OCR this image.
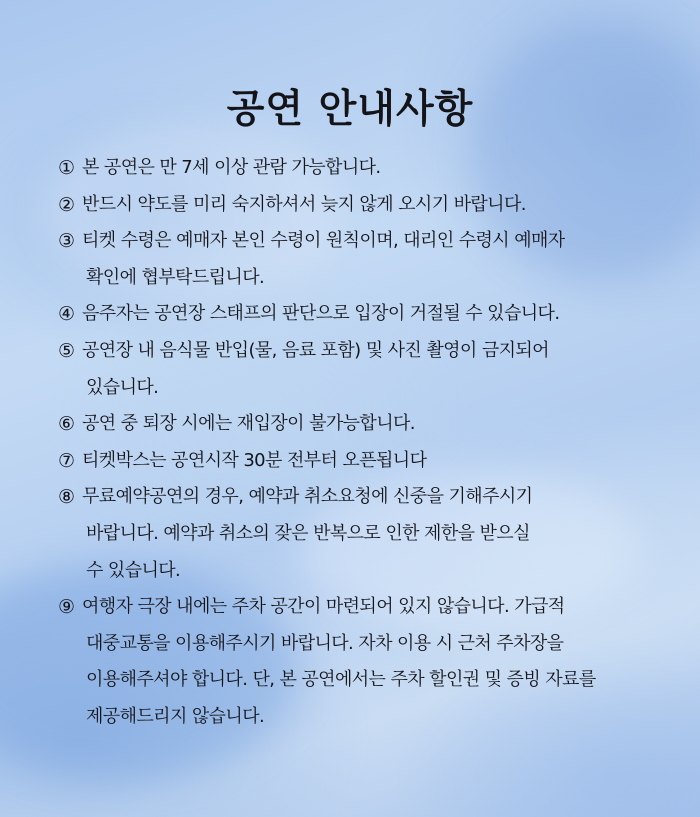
공연 안내사항
① 본 공연은 만 7세 이상 관람 가능합니다.
② 반드시 약도를 미리 숙지하셔서 늦지 않게 오시기 바랍니다.
③ 티켓 수령은 예매자 본인 수령이 원칙이며, 대리인 수령시 예매자
확인에 협부탁드립니다.
④ 음주자는 공연장 스태프의 판단으로 입장이 거절될 수 있습니다.
⑤ 공연장 내 음식물 반입(물, 음료 포함) 및 사진 촬영이 금지되어
있습니다.
⑥ 공연 중 퇴장 시에는 재입장이 불가능합니다.
⑦ 티켓박스는 공연시작 30분 전부터 오픈됩니다
⑧ 무료예약공연의 경우, 예약과 취소요청에 신중을 기해주시기
바랍니다. 예약과 취소의 잦은 반복으로 인한 제한을 받으실
수 있습니다.
⑨ 여행자 극장 내에는 주차 공간이 마련되어 있지 않습니다. 가급적
대중교통을 이용해주시기 바랍니다. 자차 이용 시 근처 주차장을
이용해주셔야 합니다. 단, 본 공연에서는 주차 할인권 및 증빙 자료를
제공해드리지 않습니다.
